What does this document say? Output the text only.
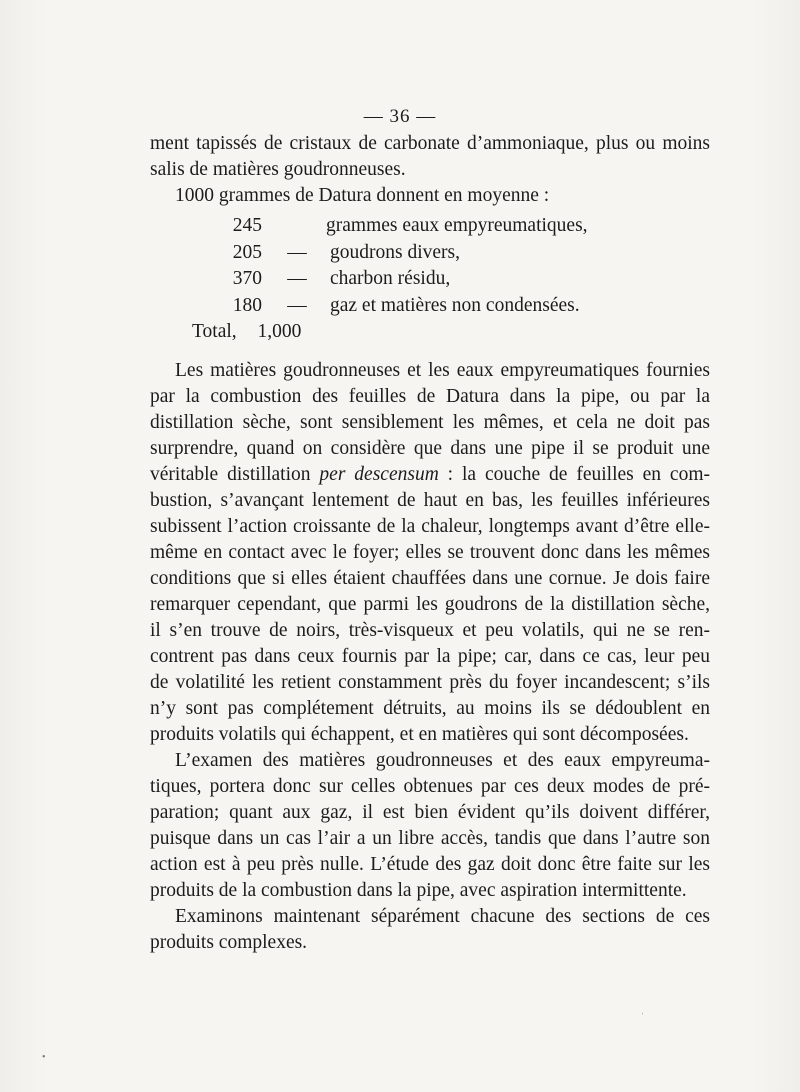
— 36 —
ment tapissés de cristaux de carbonate d’ammoniaque, plus ou moins
salis de matières goudronneuses.
1000 grammes de Datura donnent en moyenne :
245	grammes eaux empyreumatiques,
205	—	goudrons divers,
370	—	charbon résidu,
180	—	gaz et matières non condensées.
Total, 1,000
Les matières goudronneuses et les eaux empyreumatiques fournies
par la combustion des feuilles de Datura dans la pipe, ou par la
distillation sèche, sont sensiblement les mêmes, et cela ne doit pas
surprendre, quand on considère que dans une pipe il se produit une
véritable distillation per descensum : la couche de feuilles en com-
bustion, s’avançant lentement de haut en bas, les feuilles inférieures
subissent l’action croissante de la chaleur, longtemps avant d’être elle-
même en contact avec le foyer; elles se trouvent donc dans les mêmes
conditions que si elles étaient chauffées dans une cornue. Je dois faire
remarquer cependant, que parmi les goudrons de la distillation sèche,
il s’en trouve de noirs, très-visqueux et peu volatils, qui ne se ren-
contrent pas dans ceux fournis par la pipe; car, dans ce cas, leur peu
de volatilité les retient constamment près du foyer incandescent; s’ils
n’y sont pas complétement détruits, au moins ils se dédoublent en
produits volatils qui échappent, et en matières qui sont décomposées.
L’examen des matières goudronneuses et des eaux empyreuma-
tiques, portera donc sur celles obtenues par ces deux modes de pré-
paration; quant aux gaz, il est bien évident qu’ils doivent différer,
puisque dans un cas l’air a un libre accès, tandis que dans l’autre son
action est à peu près nulle. L’étude des gaz doit donc être faite sur les
produits de la combustion dans la pipe, avec aspiration intermittente.
Examinons maintenant séparément chacune des sections de ces
produits complexes.
ˈ
•
